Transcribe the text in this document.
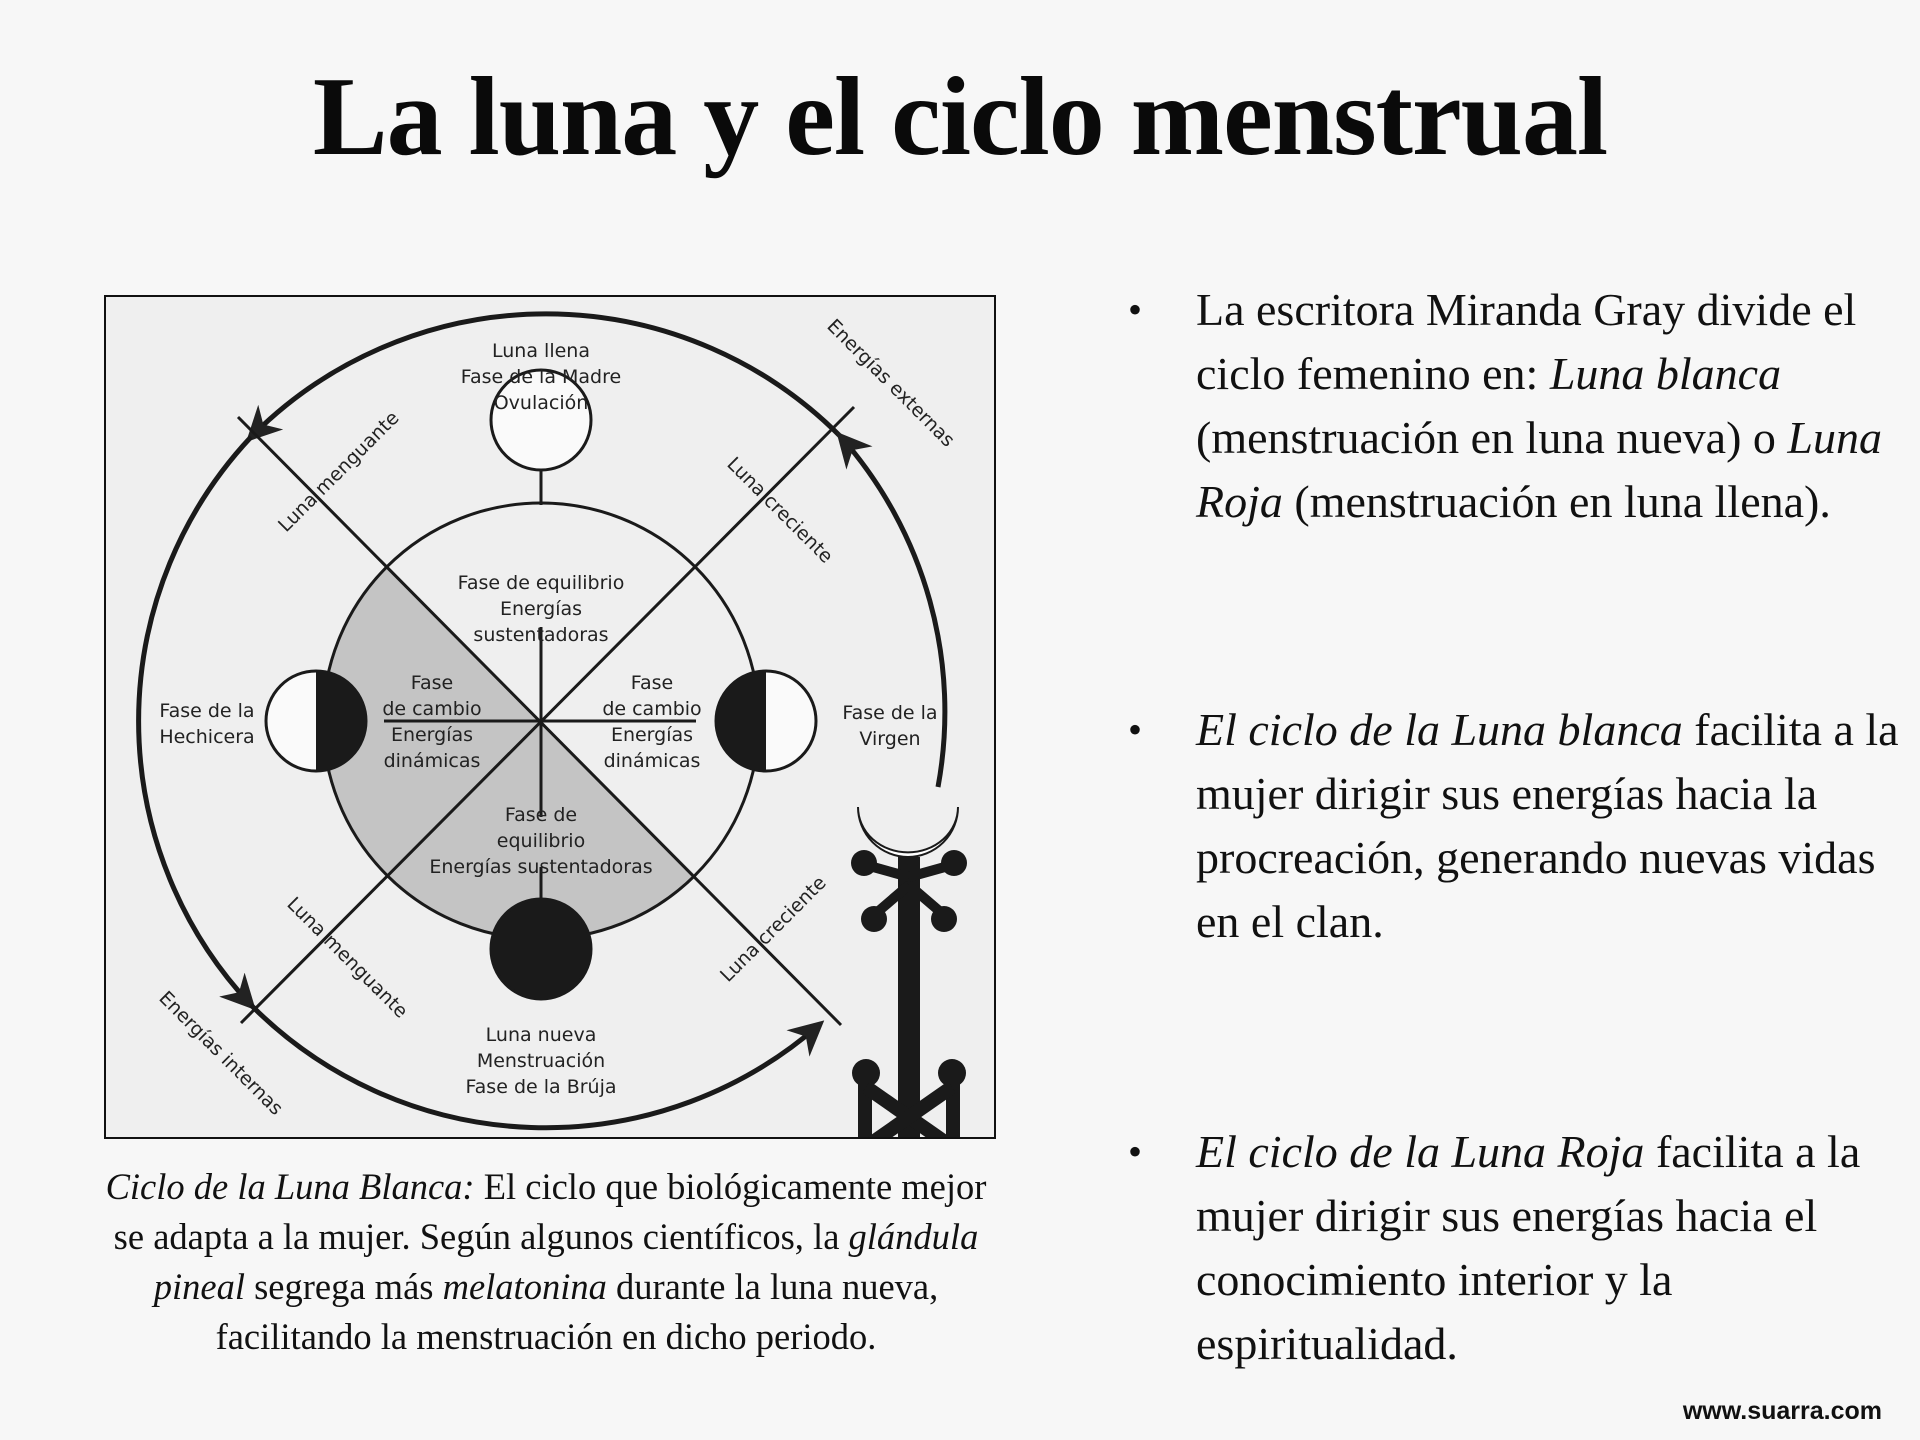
La luna y el ciclo menstrual
Luna llena
Fase de la Madre
Ovulación
Fase de equilibrio
Energías
sustentadoras
Fase
de cambio
Energías
dinámicas
Fase
de cambio
Energías
dinámicas
Fase de
equilibrio
Energías sustentadoras
Fase de la
Hechicera
Fase de la
Virgen
Luna nueva
Menstruación
Fase de la Brúja
Luna menguante	Luna creciente
Luna menguante	Luna creciente
Energías externas
Energías internas

Ciclo de la Luna Blanca: El ciclo que biológicamente mejor se adapta a la mujer. Según algunos científicos, la glándula pineal segrega más melatonina durante la luna nueva, facilitando la menstruación en dicho periodo.

• La escritora Miranda Gray divide el ciclo femenino en: Luna blanca (menstruación en luna nueva) o Luna Roja (menstruación en luna llena).
• El ciclo de la Luna blanca facilita a la mujer dirigir sus energías hacia la procreación, generando nuevas vidas en el clan.
• El ciclo de la Luna Roja facilita a la mujer dirigir sus energías hacia el conocimiento interior y la espiritualidad.
www.suarra.com
